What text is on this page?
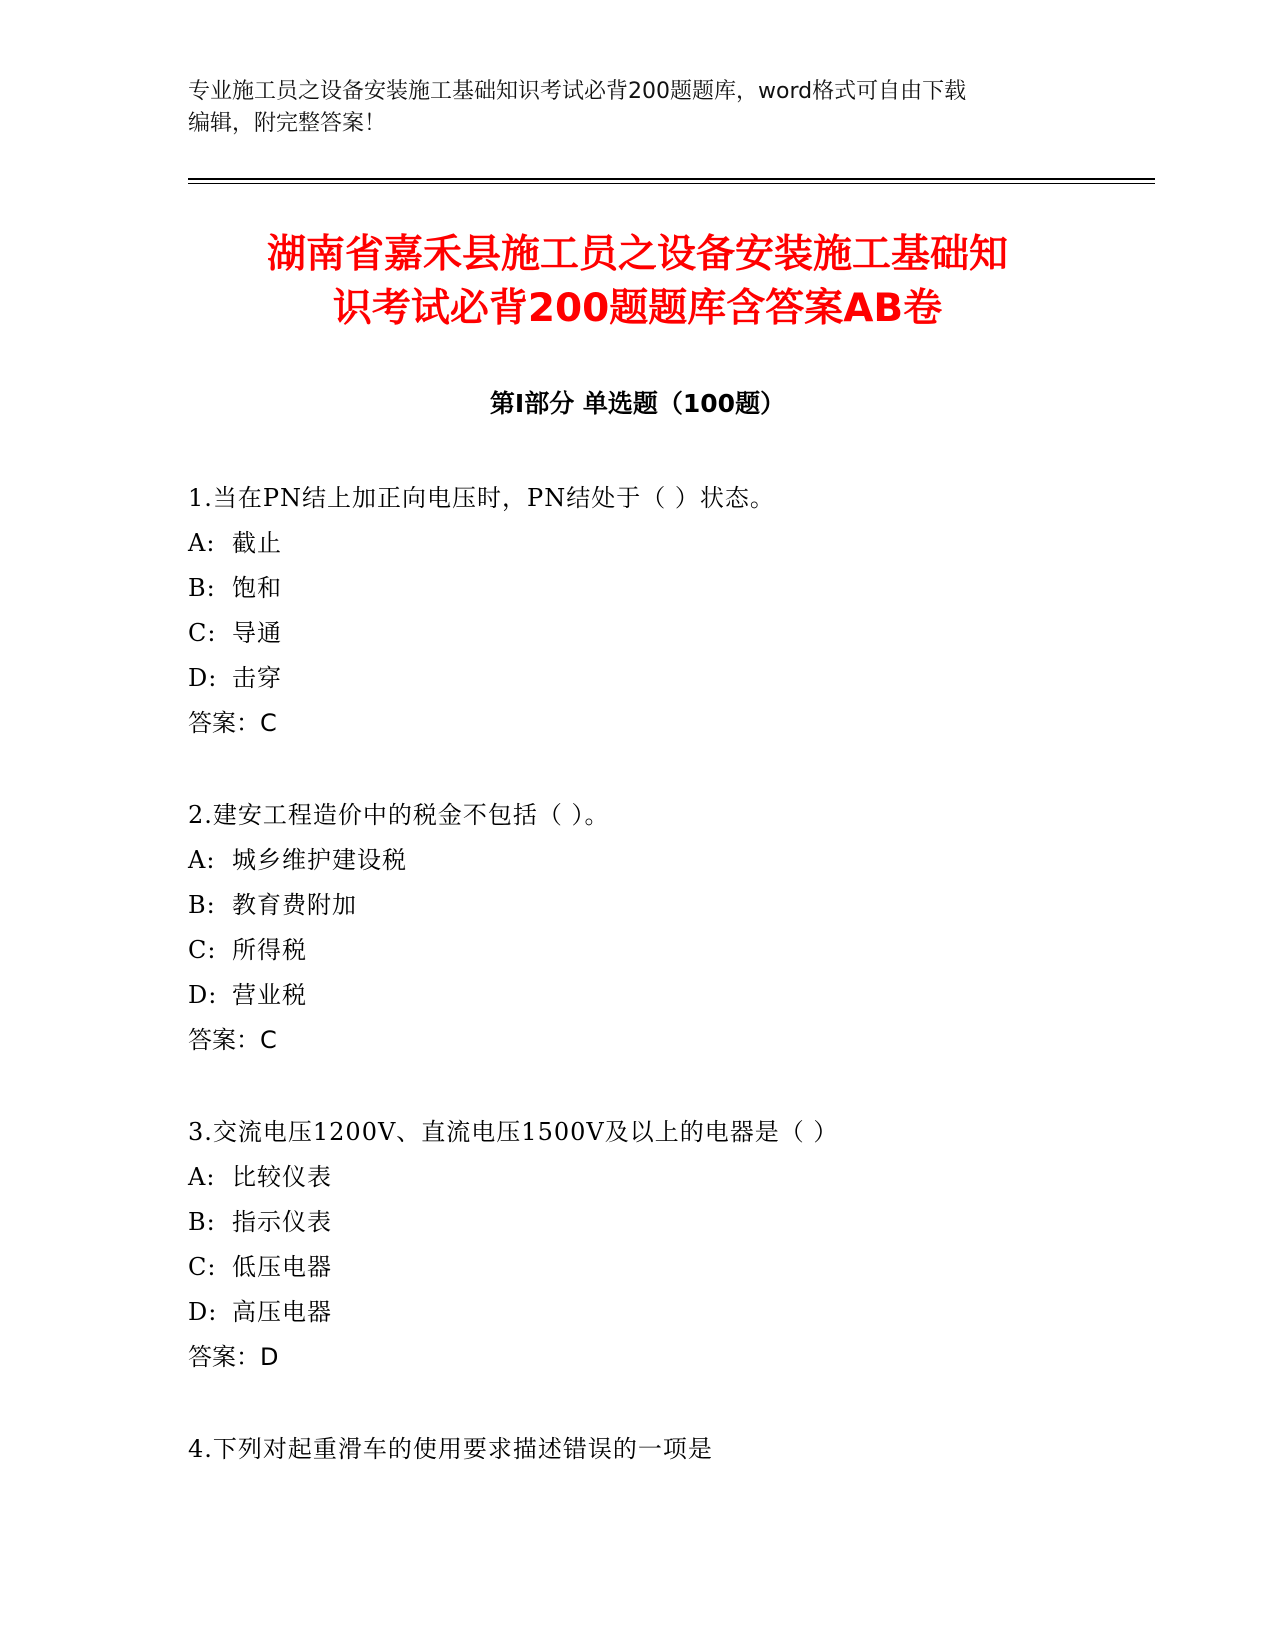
专业施工员之设备安装施工基础知识考试必背200题题库，word格式可自由下载
编辑，附完整答案！
湖南省嘉禾县施工员之设备安装施工基础知
识考试必背200题题库含答案AB卷
第Ⅰ部分 单选题（100题）
1.当在PN结上加正向电压时，PN结处于（ ）状态。
A: 截止
B: 饱和
C: 导通
D: 击穿
答案：C
2.建安工程造价中的税金不包括（ ）。
A: 城乡维护建设税
B: 教育费附加
C: 所得税
D: 营业税
答案：C
3.交流电压1200V、直流电压1500V及以上的电器是（ ）
A: 比较仪表
B: 指示仪表
C: 低压电器
D: 高压电器
答案：D
4.下列对起重滑车的使用要求描述错误的一项是
